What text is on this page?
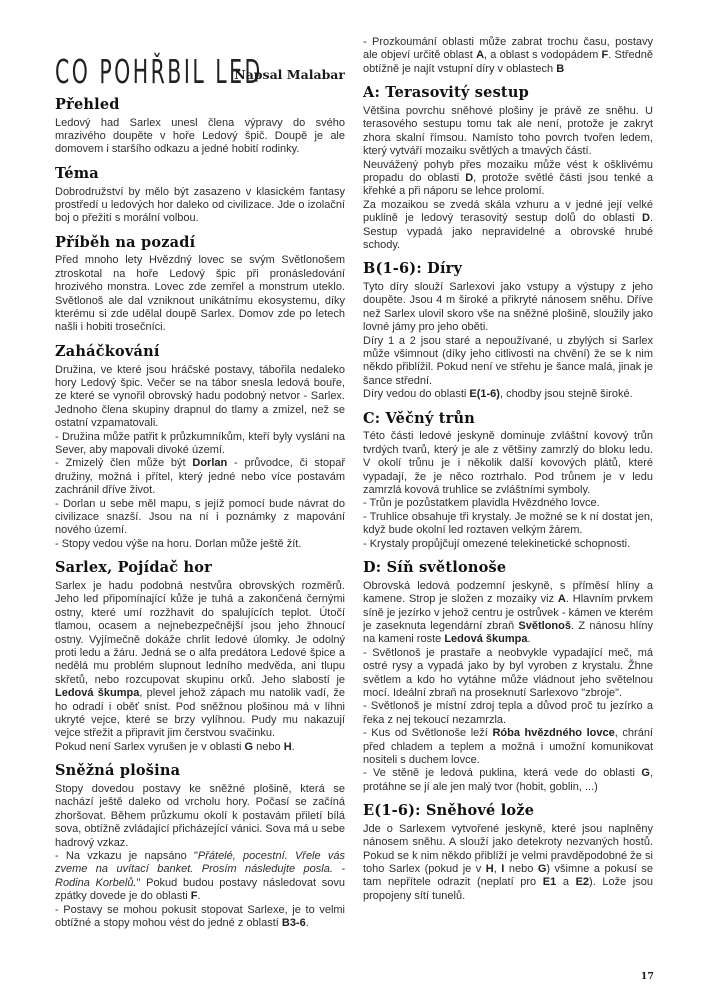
CO POHŘBIL LED
Napsal Malabar
Přehled

Ledový had Sarlex unesl člena výpravy do svého mrazivého doupěte v hoře Ledový špič. Doupě je ale domovem i staršího odkazu a jedné hobití rodinky.

Téma

Dobrodružství by mělo být zasazeno v klasickém fantasy prostředí u ledových hor daleko od civilizace. Jde o izolační boj o přežití s morální volbou.

Příběh na pozadí

Před mnoho lety Hvězdný lovec se svým Světlonošem ztroskotal na hoře Ledový špic při pronásledování hrozivého monstra. Lovec zde zemřel a monstrum uteklo. Světlonoš ale dal vzniknout unikátnímu ekosystemu, díky kterému si zde udělal doupě Sarlex. Domov zde po letech našli i hobiti trosečníci.

Zaháčkování

Družina, ve které jsou hráčské postavy, tábořila nedaleko hory Ledový špic. Večer se na tábor snesla ledová bouře, ze které se vynořil obrovský hadu podobný netvor - Sarlex. Jednoho člena skupiny drapnul do tlamy a zmizel, než se ostatní vzpamatovali.

- Družina může patřit k průzkumníkům, kteří byly vysláni na Sever, aby mapovali divoké území.

- Zmizelý člen může být Dorlan - průvodce, či stopař družiny, možná i přítel, který jedné nebo více postavám zachránil dříve život.

- Dorlan u sebe měl mapu, s jejíž pomocí bude návrat do civilizace snazší. Jsou na ní i poznámky z mapování nového území.

- Stopy vedou výše na horu. Dorlan může ještě žít.

Sarlex, Pojídač hor

Sarlex je hadu podobná nestvůra obrovských rozměrů. Jeho led připomínající kůže je tuhá a zakončená černými ostny, které umí rozžhavit do spalujících teplot. Útočí tlamou, ocasem a nejnebezpečnější jsou jeho žhnoucí ostny. Vyjímečně dokáže chrlit ledové úlomky. Je odolný proti ledu a žáru. Jedná se o alfa predátora Ledové špice a nedělá mu problém slupnout ledního medvěda, ani tlupu skřetů, nebo rozcupovat skupinu orků. Jeho slabostí je Ledová škumpa, plevel jehož zápach mu natolik vadí, že ho odradí i oběť sníst. Pod sněžnou plošinou má v líhni ukryté vejce, které se brzy vylíhnou. Pudy mu nakazují vejce střežit a připravit jim čerstvou svačinku.

Pokud není Sarlex vyrušen je v oblasti G nebo H.

Sněžná plošina

Stopy dovedou postavy ke sněžné plošině, která se nachází ještě daleko od vrcholu hory. Počasí se začíná zhoršovat. Během průzkumu okolí k postavám přiletí bílá sova, obtížně zvládající přicházející vánici. Sova má u sebe hadrový vzkaz.

- Na vzkazu je napsáno "Přátelé, pocestní. Vřele vás zveme na uvítací banket. Prosím následujte posla. - Rodina Korbelů." Pokud budou postavy následovat sovu zpátky dovede je do oblasti F.

- Postavy se mohou pokusit stopovat Sarlexe, je to velmi obtížné a stopy mohou vést do jedné z oblastí B3-6.

- Prozkoumání oblasti může zabrat trochu času, postavy ale objeví určitě oblast A, a oblast s vodopádem F. Středně obtížně je najít vstupní díry v oblastech B

A: Terasovitý sestup

Většina povrchu sněhové plošiny je právě ze sněhu. U terasového sestupu tomu tak ale není, protože je zakryt zhora skalní římsou. Namísto toho povrch tvořen ledem, který vytváří mozaiku světlých a tmavých částí.

Neuvážený pohyb přes mozaiku může vést k ošklivému propadu do oblasti D, protože světlé části jsou tenké a křehké a při náporu se lehce prolomí.

Za mozaikou se zvedá skála vzhuru a v jedné její velké puklině je ledový terasovitý sestup dolů do oblasti D. Sestup vypadá jako nepravidelné a obrovské hrubé schody.

B(1-6): Díry

Tyto díry slouží Sarlexovi jako vstupy a výstupy z jeho doupěte. Jsou 4 m široké a přikryté nánosem sněhu. Dříve než Sarlex ulovil skoro vše na sněžné plošině, sloužily jako lovné jámy pro jeho oběti.

Díry 1 a 2 jsou staré a nepoužívané, u zbylých si Sarlex může všimnout (díky jeho citlivosti na chvění) že se k nim někdo přiblížil. Pokud není ve střehu je šance malá, jinak je šance střední.

Díry vedou do oblasti E(1-6), chodby jsou stejně široké.

C: Věčný trůn

Této části ledové jeskyně dominuje zvláštní kovový trůn tvrdých tvarů, který je ale z většiny zamrzlý do bloku ledu. V okolí trůnu je i několik další kovových plátů, které vypadají, že je něco roztrhalo. Pod trůnem je v ledu zamrzlá kovová truhlice se zvláštními symboly.

- Trůn je pozůstatkem plavidla Hvězdného lovce.

- Truhlice obsahuje tři krystaly. Je možné se k ní dostat jen, když bude okolní led roztaven velkým žárem.

- Krystaly propůjčují omezené telekinetické schopnosti.

D: Síň světlonoše

Obrovská ledová podzemní jeskyně, s příměsí hlíny a kamene. Strop je složen z mozaiky viz A. Hlavním prvkem síně je jezírko v jehož centru je ostrůvek - kámen ve kterém je zaseknuta legendární zbraň Světlonoš. Z nánosu hlíny na kameni roste Ledová škumpa.

- Světlonoš je prastaře a neobvykle vypadající meč, má ostré rysy a vypadá jako by byl vyroben z krystalu. Žhne světlem a kdo ho vytáhne může vládnout jeho světelnou mocí. Ideální zbraň na proseknutí Sarlexovo "zbroje".

- Světlonoš je místní zdroj tepla a důvod proč tu jezírko a řeka z nej tekoucí nezamrzla.

- Kus od Světlonoše leží Róba hvězdného lovce, chrání před chladem a teplem a možná i umožní komunikovat nositeli s duchem lovce.

- Ve stěně je ledová puklina, která vede do oblasti G, protáhne se jí ale jen malý tvor (hobit, goblin, ...)

E(1-6): Sněhové lože

Jde o Sarlexem vytvořené jeskyně, které jsou naplněny nánosem sněhu. A slouží jako detekroty nezvaných hostů. Pokud se k nim někdo přiblíží je velmi pravděpodobné že si toho Sarlex (pokud je v H, I nebo G) všimne a pokusí se tam nepřítele odrazit (neplatí pro E1 a E2). Lože jsou propojeny sítí tunelů.

17
